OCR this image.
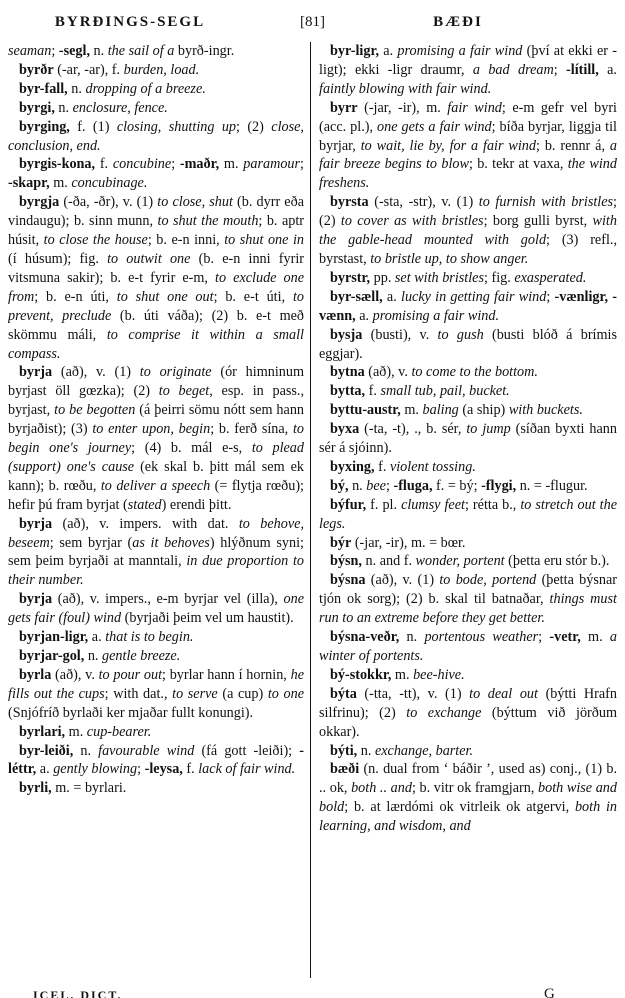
BYRÐINGS-SEGL	[81]	BÆÐI

seaman; -segl, n. the sail of a byrð-ingr.

byrðr (-ar, -ar), f. burden, load.

byr-fall, n. dropping of a breeze.

byrgi, n. enclosure, fence.

byrging, f. (1) closing, shutting up; (2) close, conclusion, end.

byrgis-kona, f. concubine; -maðr, m. paramour; -skapr, m. concubinage.

byrgja (-ða, -ðr), v. (1) to close, shut (b. dyrr eða vindaugu); b. sinn munn, to shut the mouth; b. aptr húsit, to close the house; b. e-n inni, to shut one in (í húsum); fig. to outwit one (b. e-n inni fyrir vitsmuna sakir); b. e-t fyrir e-m, to exclude one from; b. e-n úti, to shut one out; b. e-t úti, to prevent, preclude (b. úti váða); (2) b. e-t með skömmu máli, to comprise it within a small compass.

byrja (að), v. (1) to originate (ór himninum byrjast öll gœzka); (2) to beget, esp. in pass., byrjast, to be begotten (á þeirri sömu nótt sem hann byrjaðist); (3) to enter upon, begin; b. ferð sína, to begin one's journey; (4) b. mál e-s, to plead (support) one's cause (ek skal b. þitt mál sem ek kann); b. rœðu, to deliver a speech (= flytja rœðu); hefir þú fram byrjat (stated) erendi þitt.

byrja (að), v. impers. with dat. to behove, beseem; sem byrjar (as it behoves) hlýðnum syni; sem þeim byrjaði at manntali, in due proportion to their number.

byrja (að), v. impers., e-m byrjar vel (illa), one gets fair (foul) wind (byrjaði þeim vel um haustit).

byrjan-ligr, a. that is to begin.

byrjar-gol, n. gentle breeze.

byrla (að), v. to pour out; byrlar hann í hornin, he fills out the cups; with dat., to serve (a cup) to one (Snjófríð byrlaði ker mjaðar fullt konungi).

byrlari, m. cup-bearer.

byr-leiði, n. favourable wind (fá gott -leiði); -léttr, a. gently blowing; -leysa, f. lack of fair wind.

byrli, m. = byrlari.

byr-ligr, a. promising a fair wind (því at ekki er -ligt); ekki -ligr draumr, a bad dream; -lítill, a. faintly blowing with fair wind.

byrr (-jar, -ir), m. fair wind; e-m gefr vel byri (acc. pl.), one gets a fair wind; bíða byrjar, liggja til byrjar, to wait, lie by, for a fair wind; b. rennr á, a fair breeze begins to blow; b. tekr at vaxa, the wind freshens.

byrsta (-sta, -str), v. (1) to furnish with bristles; (2) to cover as with bristles; borg gulli byrst, with the gable-head mounted with gold; (3) refl., byrstast, to bristle up, to show anger.

byrstr, pp. set with bristles; fig. exasperated.

byr-sæll, a. lucky in getting fair wind; -vænligr, -vænn, a. promising a fair wind.

bysja (busti), v. to gush (busti blóð á brímis eggjar).

bytna (að), v. to come to the bottom.

bytta, f. small tub, pail, bucket.

byttu-austr, m. baling (a ship) with buckets.

byxa (-ta, -t), ., b. sér, to jump (síðan byxti hann sér á sjóinn).

byxing, f. violent tossing.

bý, n. bee; -fluga, f. = bý; -flygi, n. = -flugur.

býfur, f. pl. clumsy feet; rétta b., to stretch out the legs.

býr (-jar, -ir), m. = bœr.

býsn, n. and f. wonder, portent (þetta eru stór b.).

býsna (að), v. (1) to bode, portend (þetta býsnar tjón ok sorg); (2) b. skal til batnaðar, things must run to an extreme before they get better.

býsna-veðr, n. portentous weather; -vetr, m. a winter of portents.

bý-stokkr, m. bee-hive.

býta (-tta, -tt), v. (1) to deal out (býtti Hrafn silfrinu); (2) to exchange (býttum við jörðum okkar).

býti, n. exchange, barter.

bæði (n. dual from ‘ báðir ’, used as) conj., (1) b. .. ok, both .. and; b. vitr ok framgjarn, both wise and bold; b. at lærdómi ok vitrleik ok atgervi, both in learning, and wisdom, and

ICEL. DICT.	G
